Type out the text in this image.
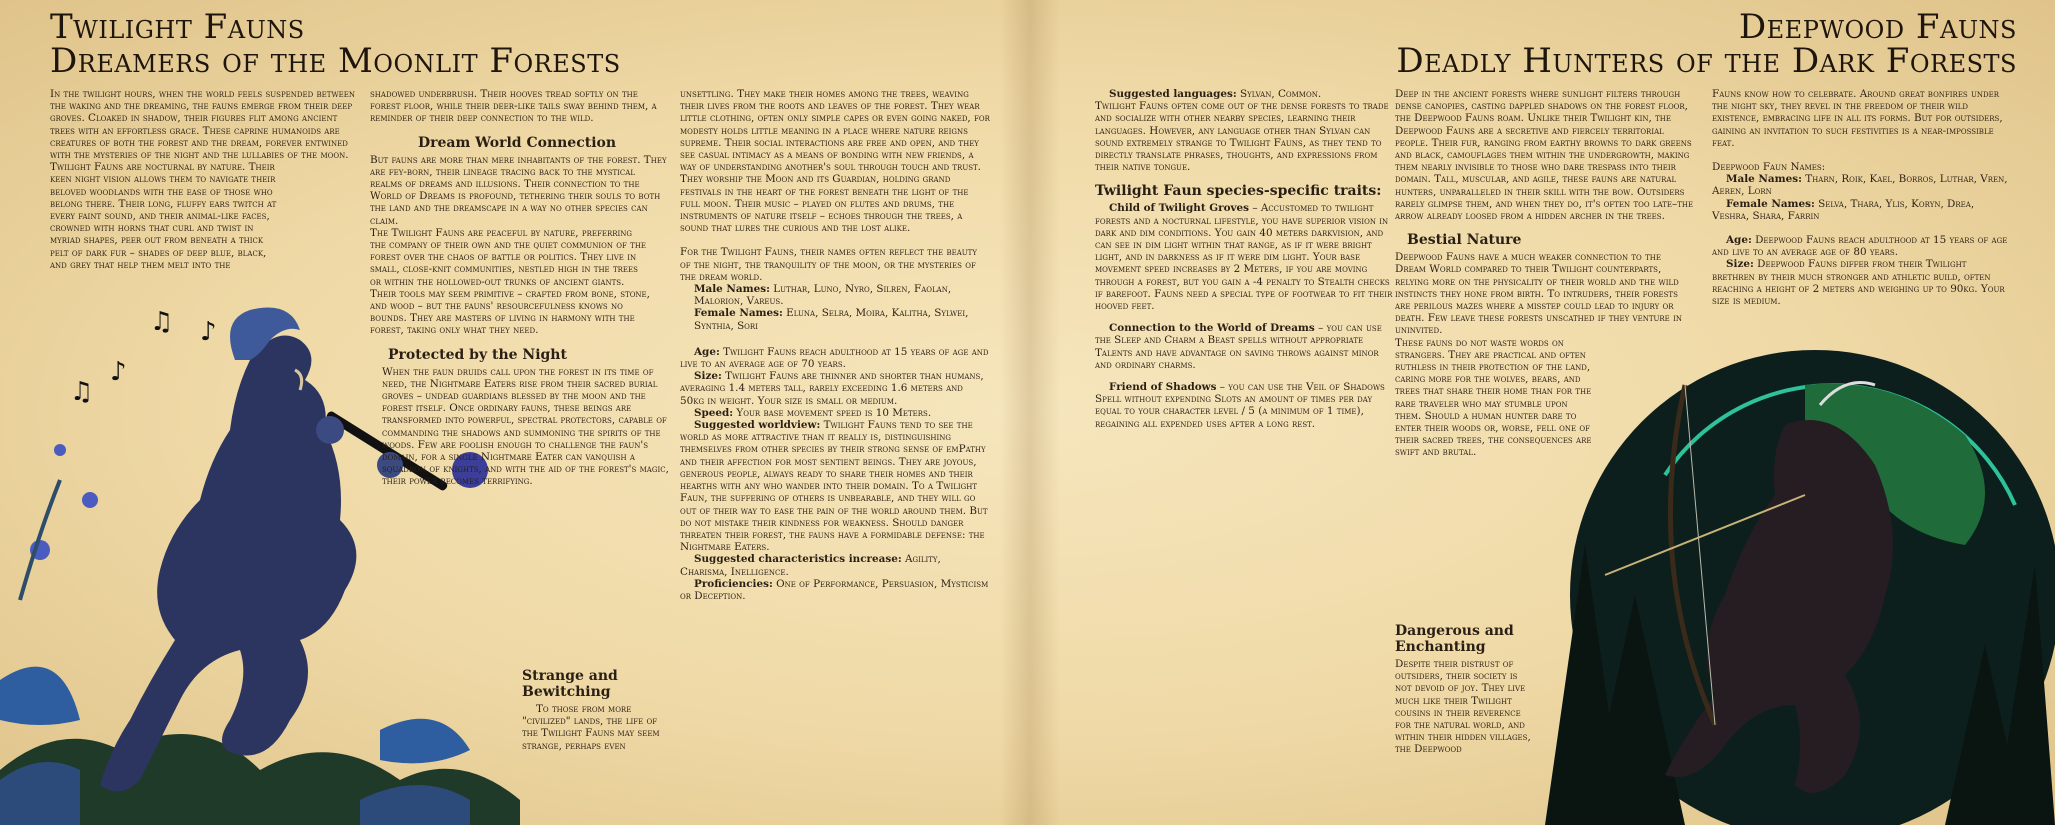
♫
♪
♫
♪
Twilight Fauns
Dreamers of the Moonlit Forests
Deepwood Fauns
Deadly Hunters of the Dark Forests

In the twilight hours, when the world feels suspended between the waking and the dreaming, the fauns emerge from their deep groves. Cloaked in shadow, their figures flit among ancient trees with an effortless grace. These caprine humanoids are creatures of both the forest and the dream, forever entwined with the mysteries of the night and the lullabies of the moon.

Twilight Fauns are nocturnal by nature. Their keen night vision allows them to navigate their beloved woodlands with the ease of those who belong there. Their long, fluffy ears twitch at every faint sound, and their animal-like faces, crowned with horns that curl and twist in myriad shapes, peer out from beneath a thick pelt of dark fur – shades of deep blue, black, and grey that help them melt into the

shadowed underbrush. Their hooves tread softly on the forest floor, while their deer-like tails sway behind them, a reminder of their deep connection to the wild.

Dream World Connection

But fauns are more than mere inhabitants of the forest. They are fey-born, their lineage tracing back to the mystical realms of dreams and illusions. Their connection to the World of Dreams is profound, tethering their souls to both the land and the dreamscape in a way no other species can claim.

The Twilight Fauns are peaceful by nature, preferring the company of their own and the quiet communion of the forest over the chaos of battle or politics. They live in small, close-knit communities, nestled high in the trees or within the hollowed-out trunks of ancient giants. Their tools may seem primitive – crafted from bone, stone, and wood – but the fauns' resourcefulness knows no bounds. They are masters of living in harmony with the forest, taking only what they need.

Protected by the Night

When the faun druids call upon the forest in its time of need, the Nightmare Eaters rise from their sacred burial groves – undead guardians blessed by the moon and the forest itself. Once ordinary fauns, these beings are transformed into powerful, spectral protectors, capable of commanding the shadows and summoning the spirits of the woods. Few are foolish enough to challenge the faun's domain, for a single Nightmare Eater can vanquish a squadron of knights, and with the aid of the forest's magic, their power becomes terrifying.

Strange and Bewitching

To those from more "civilized" lands, the life of the Twilight Fauns may seem strange, perhaps even

unsettling. They make their homes among the trees, weaving their lives from the roots and leaves of the forest. They wear little clothing, often only simple capes or even going naked, for modesty holds little meaning in a place where nature reigns supreme. Their social interactions are free and open, and they see casual intimacy as a means of bonding with new friends, a way of understanding another's soul through touch and trust.

They worship the Moon and its Guardian, holding grand festivals in the heart of the forest beneath the light of the full moon. Their music – played on flutes and drums, the instruments of nature itself – echoes through the trees, a sound that lures the curious and the lost alike.

For the Twilight Fauns, their names often reflect the beauty of the night, the tranquility of the moon, or the mysteries of the dream world.

Male Names: Luthar, Luno, Nyro, Silren, Faolan, Malorion, Vareus.

Female Names: Eluna, Selra, Moira, Kalitha, Sylwei, Synthia, Sori

Age: Twilight Fauns reach adulthood at 15 years of age and live to an average age of 70 years.

Size: Twilight Fauns are thinner and shorter than humans, averaging 1.4 meters tall, rarely exceeding 1.6 meters and 50kg in weight. Your size is small or medium.

Speed: Your base movement speed is 10 Meters.

Suggested worldview: Twilight Fauns tend to see the world as more attractive than it really is, distinguishing themselves from other species by their strong sense of emPathy and their affection for most sentient beings. They are joyous, generous people, always ready to share their homes and their hearths with any who wander into their domain. To a Twilight Faun, the suffering of others is unbearable, and they will go out of their way to ease the pain of the world around them. But do not mistake their kindness for weakness. Should danger threaten their forest, the fauns have a formidable defense: the Nightmare Eaters.

Suggested characteristics increase: Agility, Charisma, Inelligence.

Proficiencies: One of Performance, Persuasion, Mysticism or Deception.

Suggested languages: Sylvan, Common.

Twilight Fauns often come out of the dense forests to trade and socialize with other nearby species, learning their languages. However, any language other than Sylvan can sound extremely strange to Twilight Fauns, as they tend to directly translate phrases, thoughts, and expressions from their native tongue.

Twilight Faun species-specific traits:

Child of Twilight Groves – Accustomed to twilight forests and a nocturnal lifestyle, you have superior vision in dark and dim conditions. You gain 40 meters darkvision, and can see in dim light within that range, as if it were bright light, and in darkness as if it were dim light. Your base movement speed increases by 2 Meters, if you are moving through a forest, but you gain a -4 penalty to Stealth checks if barefoot. Fauns need a special type of footwear to fit their hooved feet.

Connection to the World of Dreams – you can use the Sleep and Charm a Beast spells without appropriate Talents and have advantage on saving throws against minor and ordinary charms.

Friend of Shadows – you can use the Veil of Shadows Spell without expending Slots an amount of times per day equal to your character level / 5 (a minimum of 1 time), regaining all expended uses after a long rest.

Deep in the ancient forests where sunlight filters through dense canopies, casting dappled shadows on the forest floor, the Deepwood Fauns roam. Unlike their Twilight kin, the Deepwood Fauns are a secretive and fiercely territorial people. Their fur, ranging from earthy browns to dark greens and black, camouflages them within the undergrowth, making them nearly invisible to those who dare trespass into their domain. Tall, muscular, and agile, these fauns are natural hunters, unparalleled in their skill with the bow. Outsiders rarely glimpse them, and when they do, it's often too late–the arrow already loosed from a hidden archer in the trees.

Bestial Nature

Deepwood Fauns have a much weaker connection to the Dream World compared to their Twilight counterparts, relying more on the physicality of their world and the wild instincts they hone from birth. To intruders, their forests are perilous mazes where a misstep could lead to injury or death. Few leave these forests unscathed if they venture in uninvited.

These fauns do not waste words on strangers. They are practical and often ruthless in their protection of the land, caring more for the wolves, bears, and trees that share their home than for the rare traveler who may stumble upon them. Should a human hunter dare to enter their woods or, worse, fell one of their sacred trees, the consequences are swift and brutal.

Dangerous and Enchanting

Despite their distrust of outsiders, their society is not devoid of joy. They live much like their Twilight cousins in their reverence for the natural world, and within their hidden villages, the Deepwood

Fauns know how to celebrate. Around great bonfires under the night sky, they revel in the freedom of their wild existence, embracing life in all its forms. But for outsiders, gaining an invitation to such festivities is a near-impossible feat.

Deepwood Faun Names:

Male Names: Tharn, Roik, Kael, Borros, Luthar, Vren, Aeren, Lorn

Female Names: Selva, Thara, Ylis, Koryn, Drea, Veshra, Shara, Farrin

Age: Deepwood Fauns reach adulthood at 15 years of age and live to an average age of 80 years.

Size: Deepwood Fauns differ from their Twilight brethren by their much stronger and athletic build, often reaching a height of 2 meters and weighing up to 90kg. Your size is medium.
